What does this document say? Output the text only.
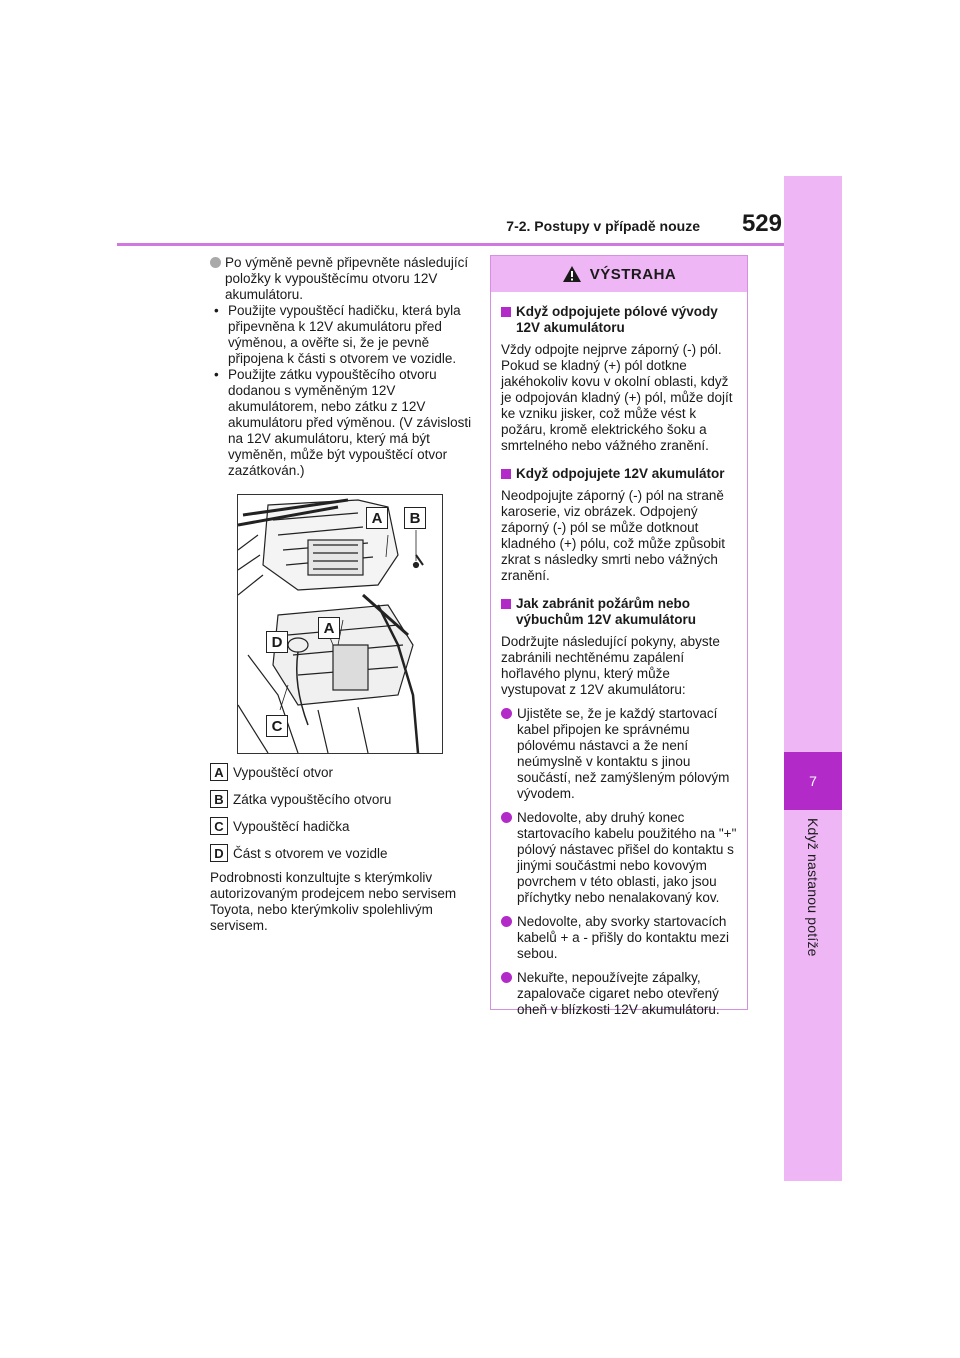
7
Když nastanou potíže
7-2. Postupy v případě nouze	529
Po výměně pevně připevněte následující položky k vypouštěcímu otvoru 12V akumulátoru.
• Použijte vypouštěcí hadičku, která byla připevněna k 12V akumulátoru před výměnou, a ověřte si, že je pevně připojena k části s otvorem ve vozidle.
• Použijte zátku vypouštěcího otvoru dodanou s vyměněným 12V akumulátorem, nebo zátku z 12V akumulátoru před výměnou. (V závislosti na 12V akumulátoru, který má být vyměněn, může být vypouštěcí otvor zazátkován.)
A	B
D
A
C
A Vypouštěcí otvor
B Zátka vypouštěcího otvoru
C Vypouštěcí hadička
D Část s otvorem ve vozidle
Podrobnosti konzultujte s kterýmkoliv autorizovaným prodejcem nebo servisem Toyota, nebo kterýmkoliv spolehlivým servisem.
VÝSTRAHA
Když odpojujete pólové vývody 12V akumulátoru

Vždy odpojte nejprve záporný (-) pól. Pokud se kladný (+) pól dotkne jakéhokoliv kovu v okolní oblasti, když je odpojován kladný (+) pól, může dojít ke vzniku jisker, což může vést k požáru, kromě elektrického šoku a smrtelného nebo vážného zranění.

Když odpojujete 12V akumulátor

Neodpojujte záporný (-) pól na straně karoserie, viz obrázek. Odpojený záporný (-) pól se může dotknout kladného (+) pólu, což může způsobit zkrat s následky smrti nebo vážných zranění.

Jak zabránit požárům nebo výbuchům 12V akumulátoru

Dodržujte následující pokyny, abyste zabránili nechtěnému zapálení hořlavého plynu, který může vystupovat z 12V akumulátoru:

Ujistěte se, že je každý startovací kabel připojen ke správnému pólovému nástavci a že není neúmyslně v kontaktu s jinou součástí, než zamýšleným pólovým vývodem.
Nedovolte, aby druhý konec startovacího kabelu použitého na "+" pólový nástavec přišel do kontaktu s jinými součástmi nebo kovovým povrchem v této oblasti, jako jsou příchytky nebo nenalakovaný kov.
Nedovolte, aby svorky startovacích kabelů + a - přišly do kontaktu mezi sebou.
Nekuřte, nepoužívejte zápalky, zapalovače cigaret nebo otevřený oheň v blízkosti 12V akumulátoru.
